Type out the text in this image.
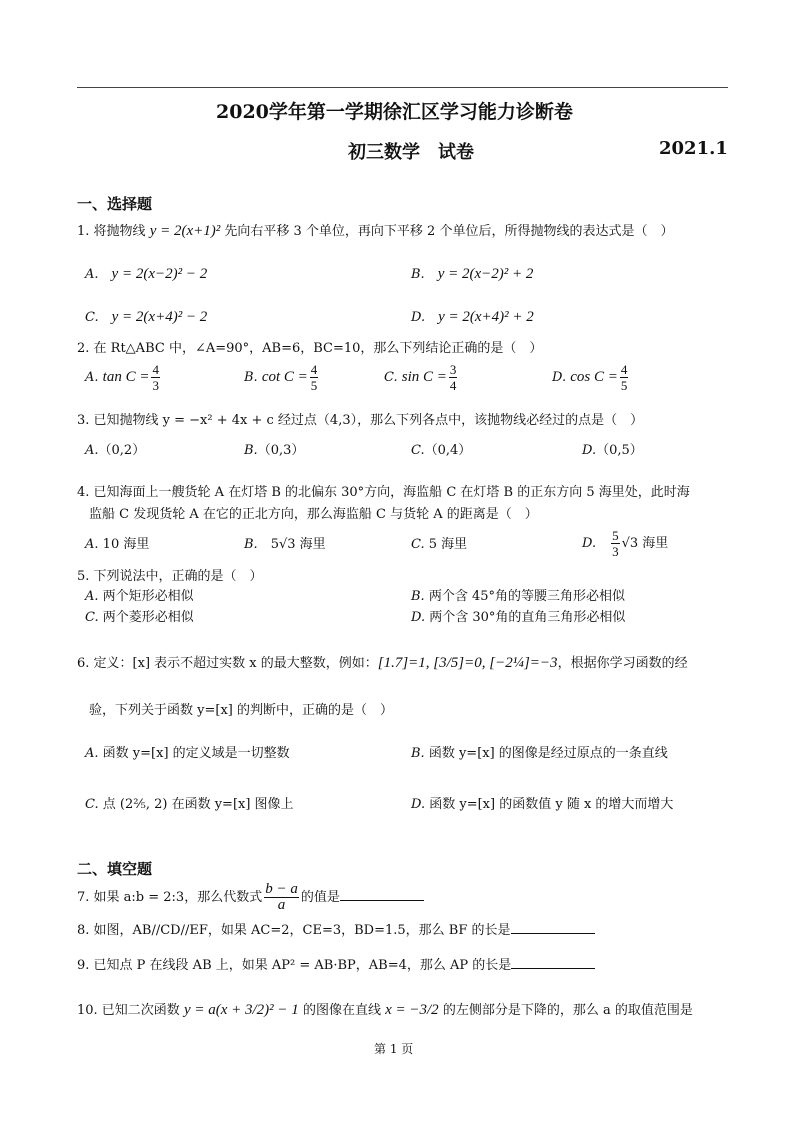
2020学年第一学期徐汇区学习能力诊断卷
初三数学　试卷	2021.1
一、选择题
1. 将抛物线 y = 2(x+1)² 先向右平移 3 个单位，再向下平移 2 个单位后，所得抛物线的表达式是（　）
A.　 y = 2(x−2)² − 2	B.　 y = 2(x−2)² + 2
C.　 y = 2(x+4)² − 2	D.　 y = 2(x+4)² + 2
2. 在 Rt△ABC 中，∠A=90°，AB=6，BC=10，那么下列结论正确的是（　）
A. $\tan C = \frac{4}{3}$	B. $\cot C = \frac{4}{5}$	C. $\sin C = \frac{3}{4}$	D. $\cos C = \frac{4}{5}$
3. 已知抛物线 y = −x² + 4x + c 经过点（4,3），那么下列各点中，该抛物线必经过的点是（　）
A.（0,2）	B.（0,3）	C.（0,4）	D.（0,5）
4. 已知海面上一艘货轮 A 在灯塔 B 的北偏东 30°方向，海监船 C 在灯塔 B 的正东方向 5 海里处，此时海
监船 C 发现货轮 A 在它的正北方向，那么海监船 C 与货轮 A 的距离是（　）
A. 10 海里	B.　 5√3 海里	C. 5 海里	D.　 $\frac{5}{3} √3$ 海里
5. 下列说法中，正确的是（　）
A. 两个矩形必相似	B. 两个含 45°角的等腰三角形必相似
C. 两个菱形必相似	D. 两个含 30°角的直角三角形必相似
6. 定义：[x] 表示不超过实数 x 的最大整数，例如：[1.7]=1, [3/5]=0, [−2¼]=−3，根据你学习函数的经
验，下列关于函数 y=[x] 的判断中，正确的是（　）
A. 函数 y=[x] 的定义域是一切整数	B. 函数 y=[x] 的图像是经过原点的一条直线
C. 点 (2⅖, 2) 在函数 y=[x] 图像上	D. 函数 y=[x] 的函数值 y 随 x 的增大而增大
二、填空题
7. 如果 a:b = 2:3，那么代数式 $\frac{b - a}{a}$ 的值是
8. 如图，AB//CD//EF，如果 AC=2，CE=3，BD=1.5，那么 BF 的长是
9. 已知点 P 在线段 AB 上，如果 AP² = AB·BP，AB=4，那么 AP 的长是
10. 已知二次函数 y = a(x + 3/2)² − 1 的图像在直线 x = −3/2 的左侧部分是下降的，那么 a 的取值范围是
第 1 页
